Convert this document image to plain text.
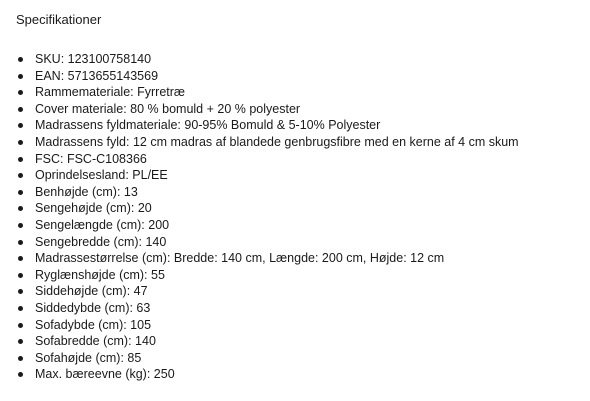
Specifikationer
SKU: 123100758140
EAN: 5713655143569
Rammemateriale: Fyrretræ
Cover materiale: 80 % bomuld + 20 % polyester
Madrassens fyldmateriale: 90-95% Bomuld & 5-10% Polyester
Madrassens fyld: 12 cm madras af blandede genbrugsfibre med en kerne af 4 cm skum
FSC: FSC-C108366
Oprindelsesland: PL/EE
Benhøjde (cm): 13
Sengehøjde (cm): 20
Sengelængde (cm): 200
Sengebredde (cm): 140
Madrassestørrelse (cm): Bredde: 140 cm, Længde: 200 cm, Højde: 12 cm
Ryglænshøjde (cm): 55
Siddehøjde (cm): 47
Siddedybde (cm): 63
Sofadybde (cm): 105
Sofabredde (cm): 140
Sofahøjde (cm): 85
Max. bæreevne (kg): 250
